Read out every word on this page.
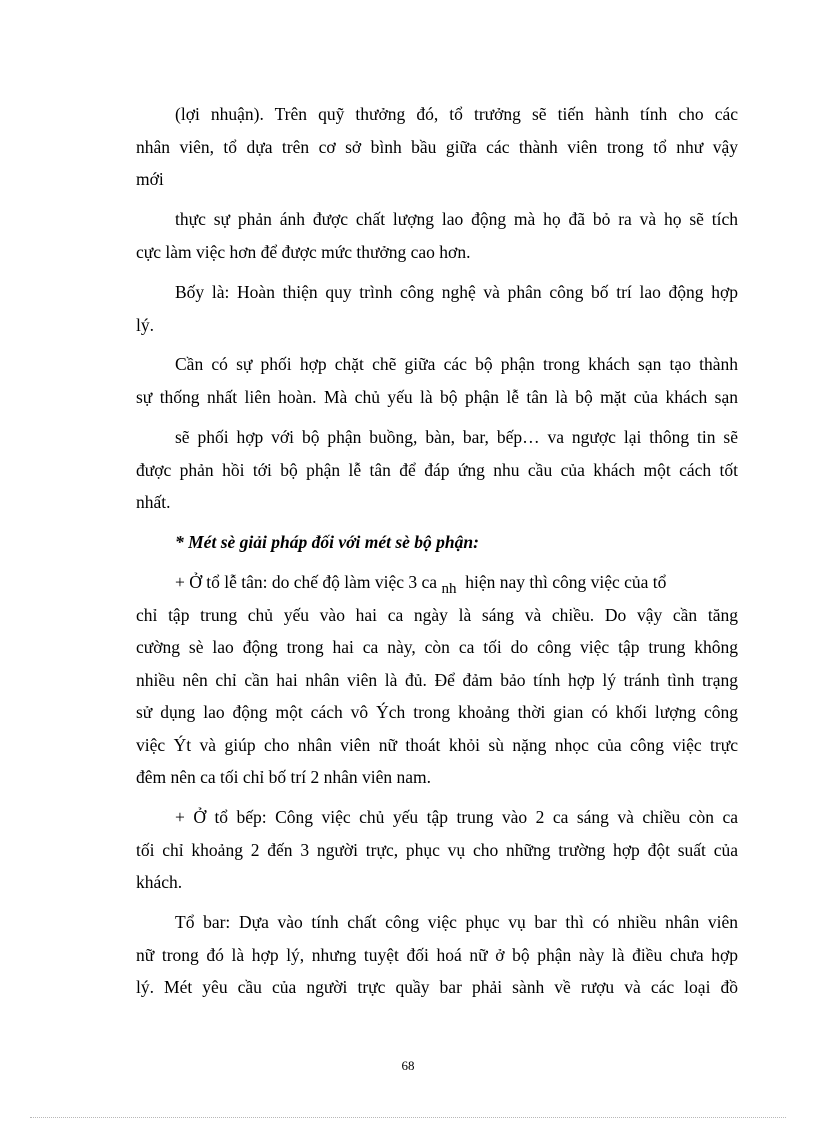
(lợi nhuận). Trên quỹ thưởng đó, tổ trưởng sẽ tiến hành tính cho các
nhân viên, tổ dựa trên cơ sở bình bầu giữa các thành viên trong tổ như vậy
mới
thực sự phản ánh được chất lượng lao động mà họ đã bỏ ra và họ sẽ tích
cực làm việc hơn để được mức thưởng cao hơn.
Bốy là: Hoàn thiện quy trình công nghệ và phân công bố trí lao động hợp
lý.
Cần có sự phối hợp chặt chẽ giữa các bộ phận trong khách sạn tạo thành
sự thống nhất liên hoàn. Mà chủ yếu là bộ phận lễ tân là bộ mặt của khách sạn
sẽ phối hợp với bộ phận buồng, bàn, bar, bếp… va ngược lại thông tin sẽ
được phản hồi tới bộ phận lễ tân để đáp ứng nhu cầu của khách một cách tốt
nhất.
* Mét sè giải pháp đối với mét sè bộ phận:
+ Ở tổ lễ tân: do chế độ làm việc 3 ca nh hiện nay thì công việc của tổ
chỉ tập trung chủ yếu vào hai ca ngày là sáng và chiều. Do vậy cần tăng
cường sè lao động trong hai ca này, còn ca tối do công việc tập trung không
nhiều nên chỉ cần hai nhân viên là đủ. Để đảm bảo tính hợp lý tránh tình trạng
sử dụng lao động một cách vô Ých trong khoảng thời gian có khối lượng công
việc Ýt và giúp cho nhân viên nữ thoát khỏi sù nặng nhọc của công việc trực
đêm nên ca tối chỉ bố trí 2 nhân viên nam.
+ Ở tổ bếp: Công việc chủ yếu tập trung vào 2 ca sáng và chiều còn ca
tối chỉ khoảng 2 đến 3 người trực, phục vụ cho những trường hợp đột suất của
khách.
Tổ bar: Dựa vào tính chất công việc phục vụ bar thì có nhiều nhân viên
nữ trong đó là hợp lý, nhưng tuyệt đối hoá nữ ở bộ phận này là điều chưa hợp
lý. Mét yêu cầu của người trực quầy bar phải sành về rượu và các loại đồ
68
